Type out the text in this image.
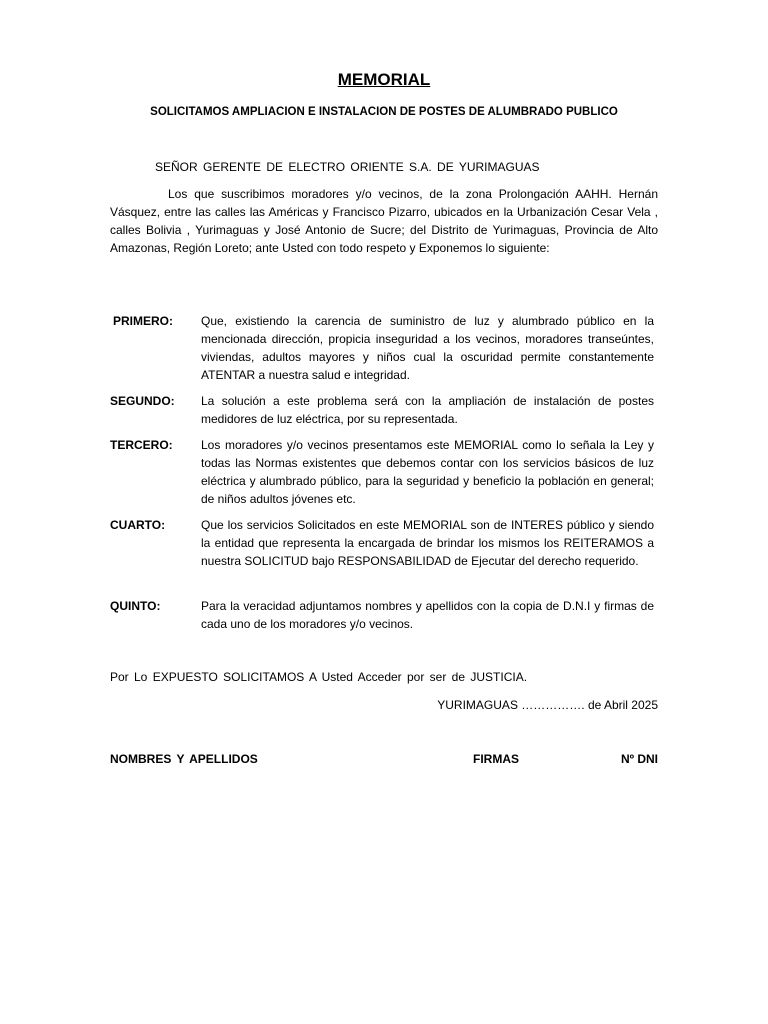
MEMORIAL
SOLICITAMOS AMPLIACION E INSTALACION DE POSTES DE ALUMBRADO PUBLICO
SEÑOR GERENTE DE ELECTRO ORIENTE S.A. DE YURIMAGUAS

Los que suscribimos moradores y/o vecinos, de la zona Prolongación AAHH. Hernán Vásquez, entre las calles las Américas y Francisco Pizarro, ubicados en la Urbanización Cesar Vela , calles Bolivia , Yurimaguas y José Antonio de Sucre; del Distrito de Yurimaguas, Provincia de Alto Amazonas, Región Loreto; ante Usted con todo respeto y Exponemos lo siguiente:

PRIMERO: Que, existiendo la carencia de suministro de luz y alumbrado público en la mencionada dirección, propicia inseguridad a los vecinos, moradores transeúntes, viviendas, adultos mayores y niños cual la oscuridad permite constantemente ATENTAR a nuestra salud e integridad.

SEGUNDO: La solución a este problema será con la ampliación de instalación de postes medidores de luz eléctrica, por su representada.

TERCERO: Los moradores y/o vecinos presentamos este MEMORIAL como lo señala la Ley y todas las Normas existentes que debemos contar con los servicios básicos de luz eléctrica y alumbrado público, para la seguridad y beneficio la población en general; de niños adultos jóvenes etc.

CUARTO:	Que los servicios Solicitados en este MEMORIAL son de INTERES público y siendo la entidad que representa la encargada de brindar los mismos los REITERAMOS a nuestra SOLICITUD bajo RESPONSABILIDAD de Ejecutar del derecho requerido.

QUINTO:	Para la veracidad adjuntamos nombres y apellidos con la copia de D.N.I y firmas de cada uno de los moradores y/o vecinos.

Por Lo EXPUESTO SOLICITAMOS A Usted Acceder por ser de JUSTICIA.
YURIMAGUAS ……………. de Abril 2025
NOMBRES Y APELLIDOS	FIRMAS	Nº DNI
